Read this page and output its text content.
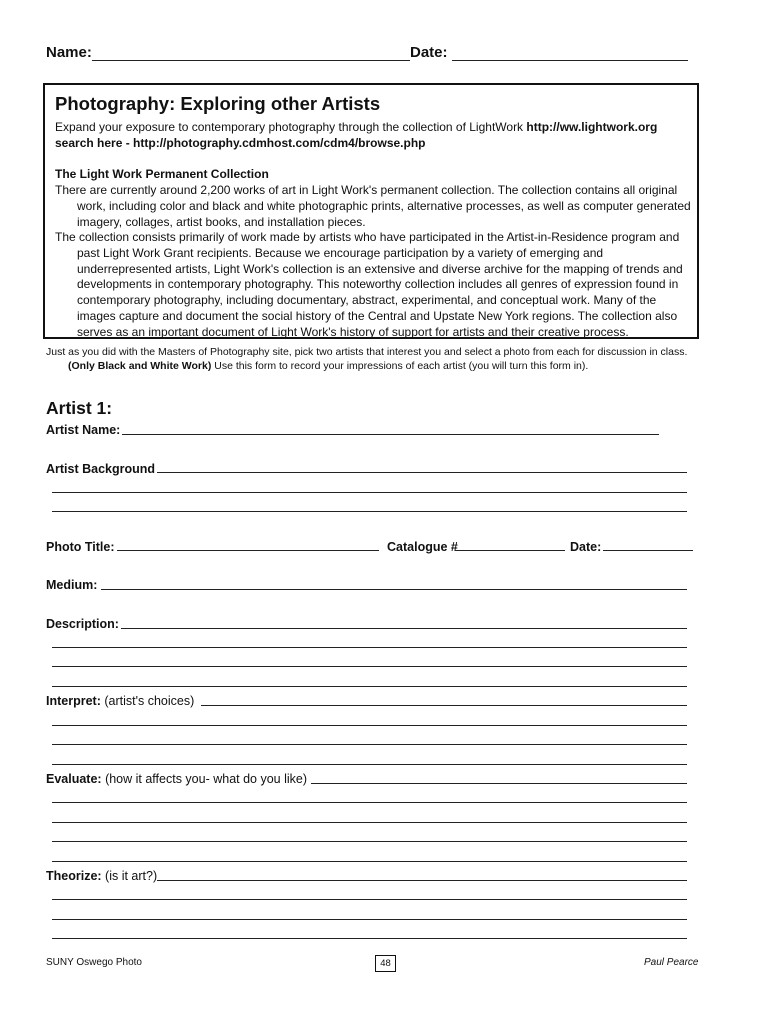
Name:	Date:
Photography: Exploring other Artists
Expand your exposure to contemporary photography through the collection of LightWork http://ww.lightwork.org
search here - http://photography.cdmhost.com/cdm4/browse.php
The Light Work Permanent Collection
There are currently around 2,200 works of art in Light Work's permanent collection. The collection contains all original work, including color and black and white photographic prints, alternative processes, as well as computer generated imagery, collages, artist books, and installation pieces.
The collection consists primarily of work made by artists who have participated in the Artist-in-Residence program and past Light Work Grant recipients. Because we encourage participation by a variety of emerging and underrepresented artists, Light Work's collection is an extensive and diverse archive for the mapping of trends and developments in contemporary photography. This noteworthy collection includes all genres of expression found in contemporary photography, including documentary, abstract, experimental, and conceptual work. Many of the images capture and document the social history of the Central and Upstate New York regions. The collection also serves as an important document of Light Work's history of support for artists and their creative process.
Just as you did with the Masters of Photography site, pick two artists that interest you and select a photo from each for discussion in class. (Only Black and White Work) Use this form to record your impressions of each artist (you will turn this form in).
Artist 1:
Artist Name:
Artist Background
Photo Title:	Catalogue #	Date:
Medium:
Description:
Interpret: (artist's choices)
Evaluate: (how it affects you- what do you like)
Theorize: (is it art?)
SUNY Oswego Photo	48	Paul Pearce
